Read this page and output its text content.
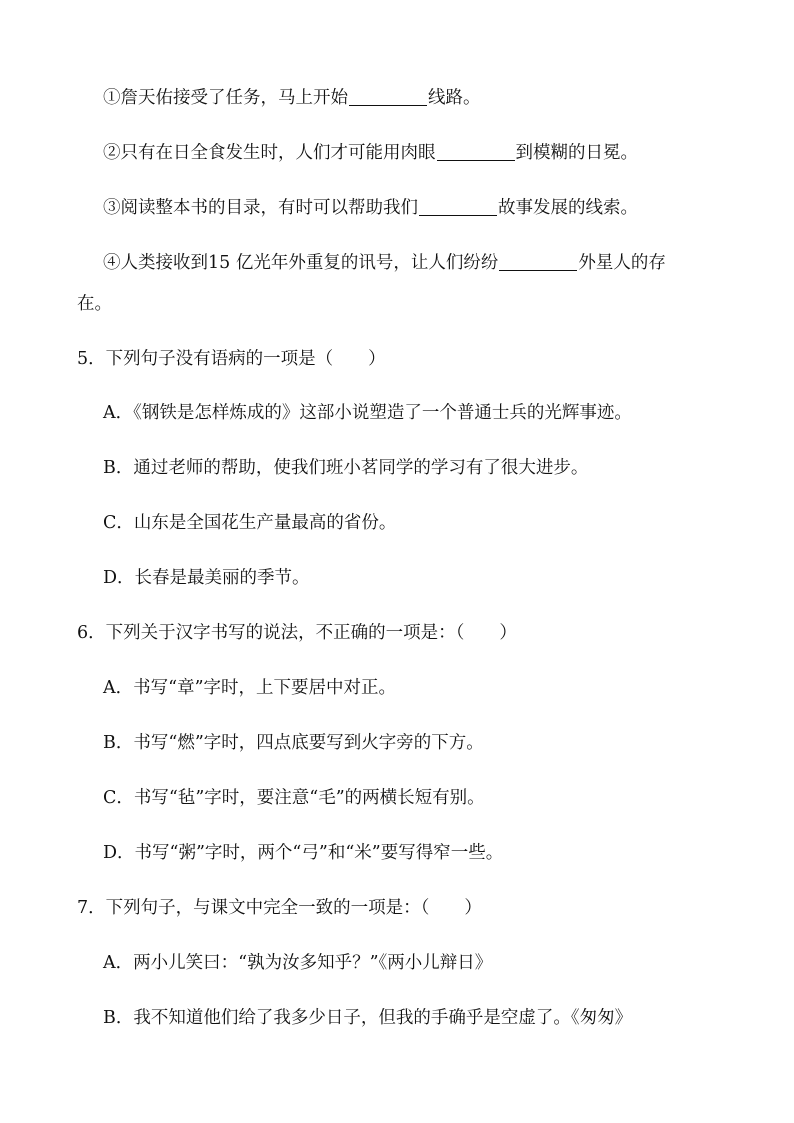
①詹天佑接受了任务，马上开始	线路。
②只有在日全食发生时，人们才可能用肉眼	到模糊的日冕。
③阅读整本书的目录，有时可以帮助我们	故事发展的线索。
④人类接收到15 亿光年外重复的讯号，让人们纷纷	外星人的存
在。
5．下列句子没有语病的一项是（　　）
A．《钢铁是怎样炼成的》这部小说塑造了一个普通士兵的光辉事迹。
B．通过老师的帮助，使我们班小茗同学的学习有了很大进步。
C．山东是全国花生产量最高的省份。
D．长春是最美丽的季节。
6．下列关于汉字书写的说法，不正确的一项是：（　　）
A．书写“章”字时，上下要居中对正。
B．书写“燃”字时，四点底要写到火字旁的下方。
C．书写“毡”字时，要注意“毛”的两横长短有别。
D．书写“粥”字时，两个“弓”和“米”要写得窄一些。
7．下列句子，与课文中完全一致的一项是：（　　）
A．两小儿笑曰：“孰为汝多知乎？”《两小儿辩日》
B．我不知道他们给了我多少日子，但我的手确乎是空虚了。《匆匆》
